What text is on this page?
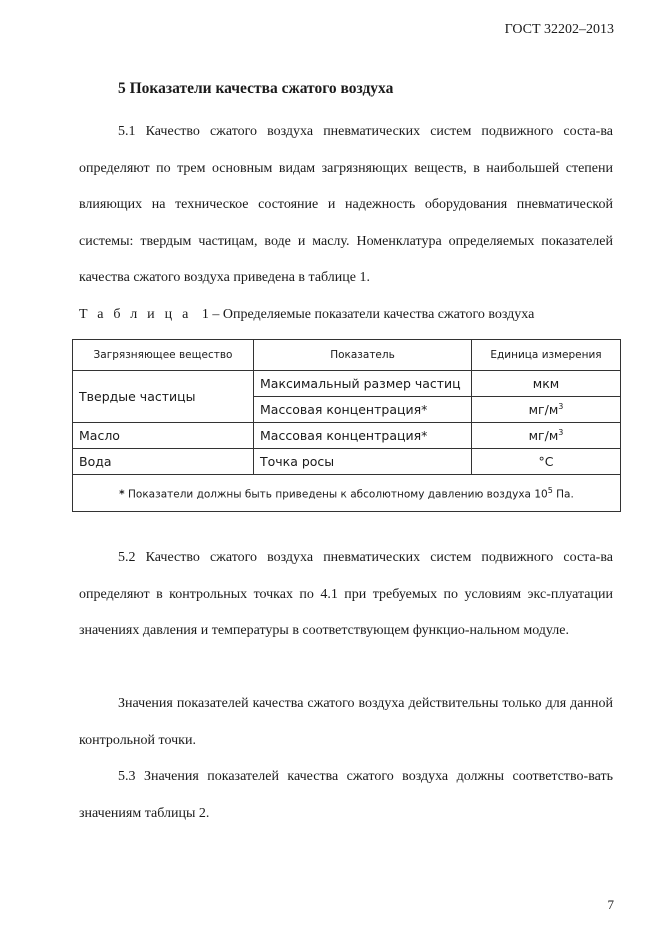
ГОСТ 32202–2013
5 Показатели качества сжатого воздуха
5.1 Качество сжатого воздуха пневматических систем подвижного соста-ва определяют по трем основным видам загрязняющих веществ, в наибольшей степени влияющих на техническое состояние и надежность оборудования пневматической системы: твердым частицам, воде и маслу. Номенклатура определяемых показателей качества сжатого воздуха приведена в таблице 1.
Таблица 1 – Определяемые показатели качества сжатого воздуха
Загрязняющее вещество	Показатель	Единица измерения
Твердые частицы	Максимальный размер частиц	мкм
	Массовая концентрация*	$мг/м^3$
Масло	Массовая концентрация*	$мг/м^3$
Вода	Точка росы	°С
* Показатели должны быть приведены к абсолютному давлению воздуха $10^5$ Па.		
5.2 Качество сжатого воздуха пневматических систем подвижного соста-ва определяют в контрольных точках по 4.1 при требуемых по условиям экс-плуатации значениях давления и температуры в соответствующем функцио-нальном модуле.
Значения показателей качества сжатого воздуха действительны только для данной контрольной точки.
5.3 Значения показателей качества сжатого воздуха должны соответство-вать значениям таблицы 2.
7
